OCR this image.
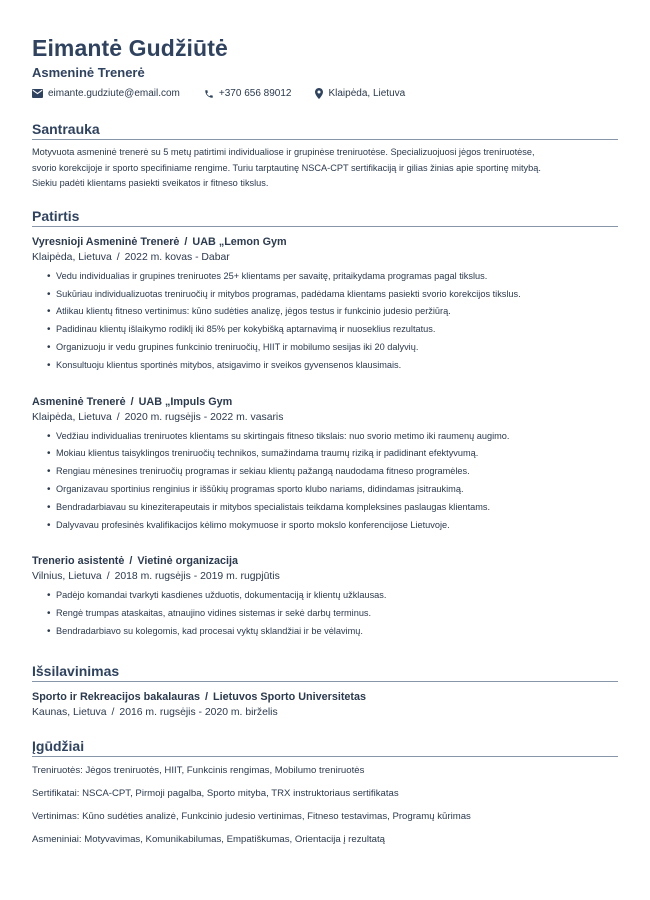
Eimantė Gudžiūtė
Asmeninė Trenerė
eimante.gudziute@email.com	+370 656 89012	Klaipėda, Lietuva
Santrauka
Motyvuota asmeninė trenerė su 5 metų patirtimi individualiose ir grupinėse treniruotėse. Specializuojuosi jėgos treniruotėse,
svorio korekcijoje ir sporto specifiniame rengime. Turiu tarptautinę NSCA-CPT sertifikaciją ir gilias žinias apie sportinę mitybą.
Siekiu padėti klientams pasiekti sveikatos ir fitneso tikslus.
Patirtis
Vyresnioji Asmeninė Trenerė / UAB „Lemon Gym
Klaipėda, Lietuva / 2022 m. kovas - Dabar
• Vedu individualias ir grupines treniruotes 25+ klientams per savaitę, pritaikydama programas pagal tikslus.
• Sukūriau individualizuotas treniruočių ir mitybos programas, padėdama klientams pasiekti svorio korekcijos tikslus.
• Atlikau klientų fitneso vertinimus: kūno sudėties analizę, jėgos testus ir funkcinio judesio peržiūrą.
• Padidinau klientų išlaikymo rodiklį iki 85% per kokybišką aptarnavimą ir nuoseklius rezultatus.
• Organizuoju ir vedu grupines funkcinio treniruočių, HIIT ir mobilumo sesijas iki 20 dalyvių.
• Konsultuoju klientus sportinės mitybos, atsigavimo ir sveikos gyvensenos klausimais.
Asmeninė Trenerė / UAB „Impuls Gym
Klaipėda, Lietuva / 2020 m. rugsėjis - 2022 m. vasaris
• Vedžiau individualias treniruotes klientams su skirtingais fitneso tikslais: nuo svorio metimo iki raumenų augimo.
• Mokiau klientus taisyklingos treniruočių technikos, sumažindama traumų riziką ir padidinant efektyvumą.
• Rengiau mėnesines treniruočių programas ir sekiau klientų pažangą naudodama fitneso programėles.
• Organizavau sportinius renginius ir iššūkių programas sporto klubo nariams, didindamas įsitraukimą.
• Bendradarbiavau su kineziterapeutais ir mitybos specialistais teikdama kompleksines paslaugas klientams.
• Dalyvavau profesinės kvalifikacijos kėlimo mokymuose ir sporto mokslo konferencijose Lietuvoje.
Trenerio asistentė / Vietinė organizacija
Vilnius, Lietuva / 2018 m. rugsėjis - 2019 m. rugpjūtis
• Padėjo komandai tvarkyti kasdienes užduotis, dokumentaciją ir klientų užklausas.
• Rengė trumpas ataskaitas, atnaujino vidines sistemas ir sekė darbų terminus.
• Bendradarbiavo su kolegomis, kad procesai vyktų sklandžiai ir be vėlavimų.
Išsilavinimas
Sporto ir Rekreacijos bakalauras / Lietuvos Sporto Universitetas
Kaunas, Lietuva / 2016 m. rugsėjis - 2020 m. birželis
Įgūdžiai
Treniruotės: Jėgos treniruotės, HIIT, Funkcinis rengimas, Mobilumo treniruotės
Sertifikatai: NSCA-CPT, Pirmoji pagalba, Sporto mityba, TRX instruktoriaus sertifikatas
Vertinimas: Kūno sudėties analizė, Funkcinio judesio vertinimas, Fitneso testavimas, Programų kūrimas
Asmeniniai: Motyvavimas, Komunikabilumas, Empatiškumas, Orientacija į rezultatą
